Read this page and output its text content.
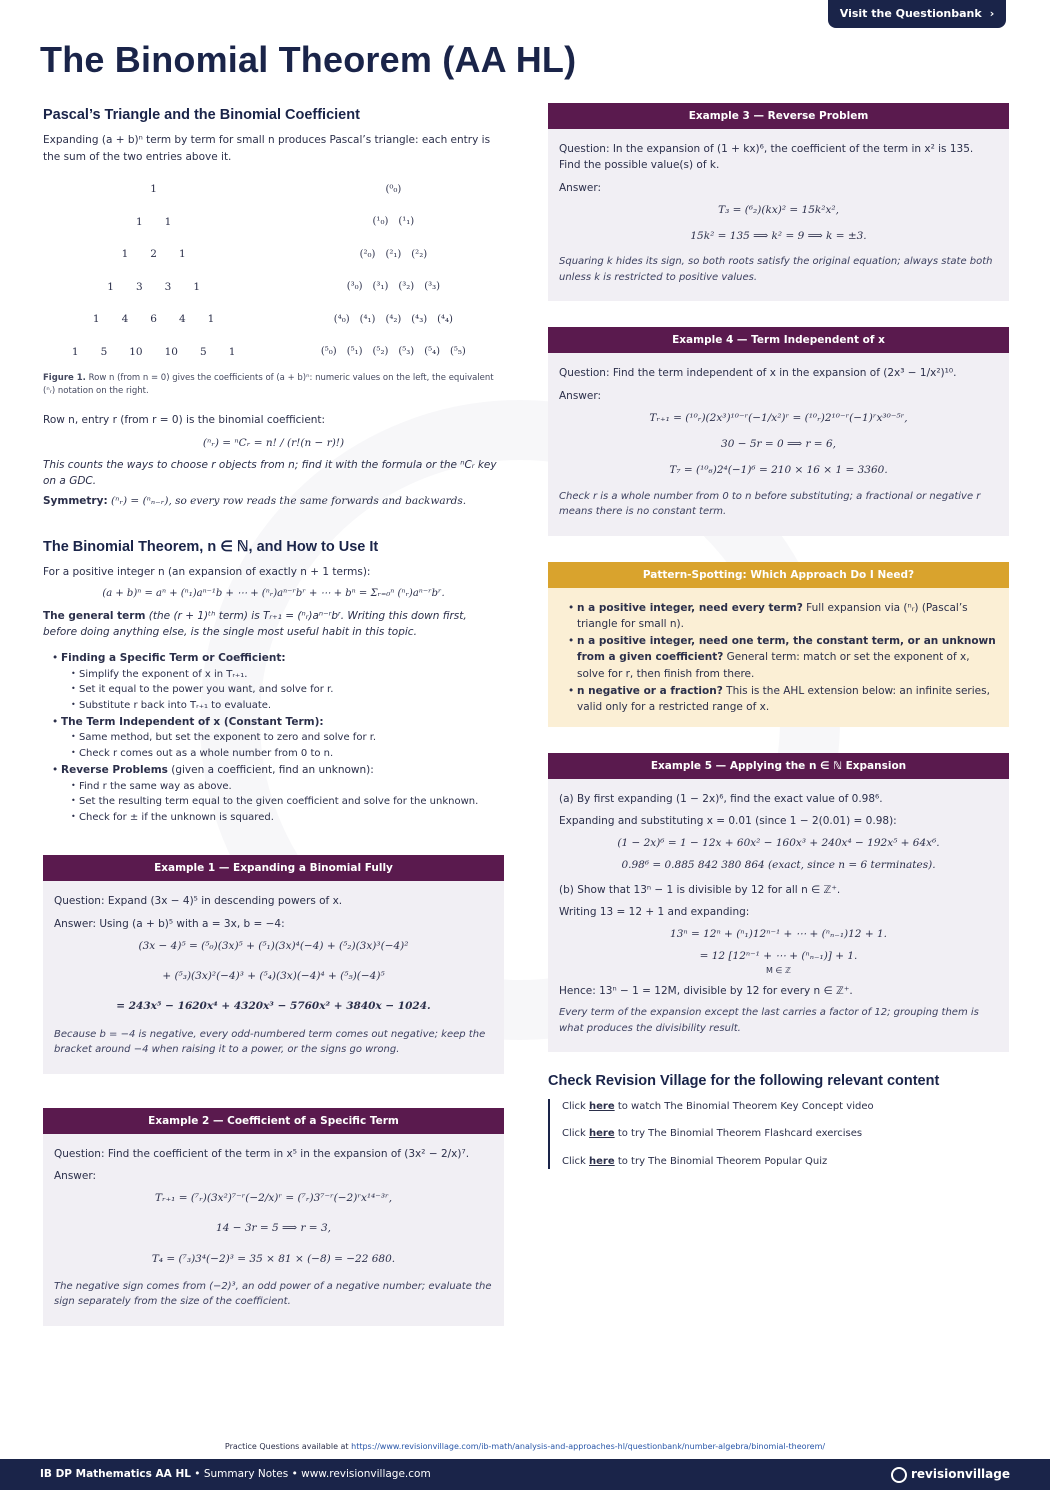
Visit the Questionbank ›
The Binomial Theorem (AA HL)
Pascal’s Triangle and the Binomial Coefficient

Expanding (a + b)ⁿ term by term for small n produces Pascal’s triangle: each entry is the sum of the two entries above it.

1
1 1
1 2 1
1 3 3 1
1 4 6 4 1
1 5 10 10 5 1
(⁰₀)
(¹₀) (¹₁)
(²₀) (²₁) (²₂)
(³₀) (³₁) (³₂) (³₃)
(⁴₀) (⁴₁) (⁴₂) (⁴₃) (⁴₄)
(⁵₀) (⁵₁) (⁵₂) (⁵₃) (⁵₄) (⁵₅)

Figure 1. Row n (from n = 0) gives the coefficients of (a + b)ⁿ: numeric values on the left, the equivalent (ⁿᵣ) notation on the right.

Row n, entry r (from r = 0) is the binomial coefficient:

(ⁿᵣ) = ⁿCᵣ = n! / (r!(n − r)!)

This counts the ways to choose r objects from n; find it with the formula or the ⁿCᵣ key on a GDC.

Symmetry: (ⁿᵣ) = (ⁿₙ₋ᵣ), so every row reads the same forwards and backwards.

The Binomial Theorem, n ∈ ℕ, and How to Use It

For a positive integer n (an expansion of exactly n + 1 terms):

(a + b)ⁿ = aⁿ + (ⁿ₁)aⁿ⁻¹b + ⋯ + (ⁿᵣ)aⁿ⁻ʳbʳ + ⋯ + bⁿ = Σᵣ₌₀ⁿ (ⁿᵣ)aⁿ⁻ʳbʳ.

The general term (the (r + 1)ᵗʰ term) is Tᵣ₊₁ = (ⁿᵣ)aⁿ⁻ʳbʳ. Writing this down first, before doing anything else, is the single most useful habit in this topic.

• Finding a Specific Term or Coefficient:
• Simplify the exponent of x in Tᵣ₊₁.
• Set it equal to the power you want, and solve for r.
• Substitute r back into Tᵣ₊₁ to evaluate.
• The Term Independent of x (Constant Term):
• Same method, but set the exponent to zero and solve for r.
• Check r comes out as a whole number from 0 to n.
• Reverse Problems (given a coefficient, find an unknown):
• Find r the same way as above.
• Set the resulting term equal to the given coefficient and solve for the unknown.
• Check for ± if the unknown is squared.
Example 1 — Expanding a Binomial Fully

Question: Expand (3x − 4)⁵ in descending powers of x.

Answer: Using (a + b)⁵ with a = 3x, b = −4:

(3x − 4)⁵ = (⁵₀)(3x)⁵ + (⁵₁)(3x)⁴(−4) + (⁵₂)(3x)³(−4)²
+ (⁵₃)(3x)²(−4)³ + (⁵₄)(3x)(−4)⁴ + (⁵₅)(−4)⁵
= 243x⁵ − 1620x⁴ + 4320x³ − 5760x² + 3840x − 1024.

Because b = −4 is negative, every odd-numbered term comes out negative; keep the bracket around −4 when raising it to a power, or the signs go wrong.

Example 2 — Coefficient of a Specific Term

Question: Find the coefficient of the term in x⁵ in the expansion of (3x² − 2/x)⁷.

Answer:

Tᵣ₊₁ = (⁷ᵣ)(3x²)⁷⁻ʳ(−2/x)ʳ = (⁷ᵣ)3⁷⁻ʳ(−2)ʳx¹⁴⁻³ʳ,
14 − 3r = 5 ⟹ r = 3,
T₄ = (⁷₃)3⁴(−2)³ = 35 × 81 × (−8) = −22 680.

The negative sign comes from (−2)³, an odd power of a negative number; evaluate the sign separately from the size of the coefficient.

Example 3 — Reverse Problem

Question: In the expansion of (1 + kx)⁶, the coefficient of the term in x² is 135. Find the possible value(s) of k.

Answer:

T₃ = (⁶₂)(kx)² = 15k²x²,
15k² = 135 ⟹ k² = 9 ⟹ k = ±3.

Squaring k hides its sign, so both roots satisfy the original equation; always state both unless k is restricted to positive values.

Example 4 — Term Independent of x

Question: Find the term independent of x in the expansion of (2x³ − 1/x²)¹⁰.

Answer:

Tᵣ₊₁ = (¹⁰ᵣ)(2x³)¹⁰⁻ʳ(−1/x²)ʳ = (¹⁰ᵣ)2¹⁰⁻ʳ(−1)ʳx³⁰⁻⁵ʳ,
30 − 5r = 0 ⟹ r = 6,
T₇ = (¹⁰₆)2⁴(−1)⁶ = 210 × 16 × 1 = 3360.

Check r is a whole number from 0 to n before substituting; a fractional or negative r means there is no constant term.

Pattern-Spotting: Which Approach Do I Need?
• n a positive integer, need every term? Full expansion via (ⁿᵣ) (Pascal’s triangle for small n).
• n a positive integer, need one term, the constant term, or an unknown from a given coefficient? General term: match or set the exponent of x, solve for r, then finish from there.
• n negative or a fraction? This is the AHL extension below: an infinite series, valid only for a restricted range of x.
Example 5 — Applying the n ∈ ℕ Expansion

(a) By first expanding (1 − 2x)⁶, find the exact value of 0.98⁶.

Expanding and substituting x = 0.01 (since 1 − 2(0.01) = 0.98):

(1 − 2x)⁶ = 1 − 12x + 60x² − 160x³ + 240x⁴ − 192x⁵ + 64x⁶.
0.98⁶ = 0.885 842 380 864 (exact, since n = 6 terminates).

(b) Show that 13ⁿ − 1 is divisible by 12 for all n ∈ ℤ⁺.

Writing 13 = 12 + 1 and expanding:

13ⁿ = 12ⁿ + (ⁿ₁)12ⁿ⁻¹ + ⋯ + (ⁿₙ₋₁)12 + 1.
= 12 [12ⁿ⁻¹ + ⋯ + (ⁿₙ₋₁)] + 1.
M ∈ ℤ

Hence: 13ⁿ − 1 = 12M, divisible by 12 for every n ∈ ℤ⁺.

Every term of the expansion except the last carries a factor of 12; grouping them is what produces the divisibility result.

Check Revision Village for the following relevant content

Click here to watch The Binomial Theorem Key Concept video

Click here to try The Binomial Theorem Flashcard exercises

Click here to try The Binomial Theorem Popular Quiz

Practice Questions available at https://www.revisionvillage.com/ib-math/analysis-and-approaches-hl/questionbank/number-algebra/binomial-theorem/
IB DP Mathematics AA HL • Summary Notes • www.revisionvillage.com	revisionvillage
